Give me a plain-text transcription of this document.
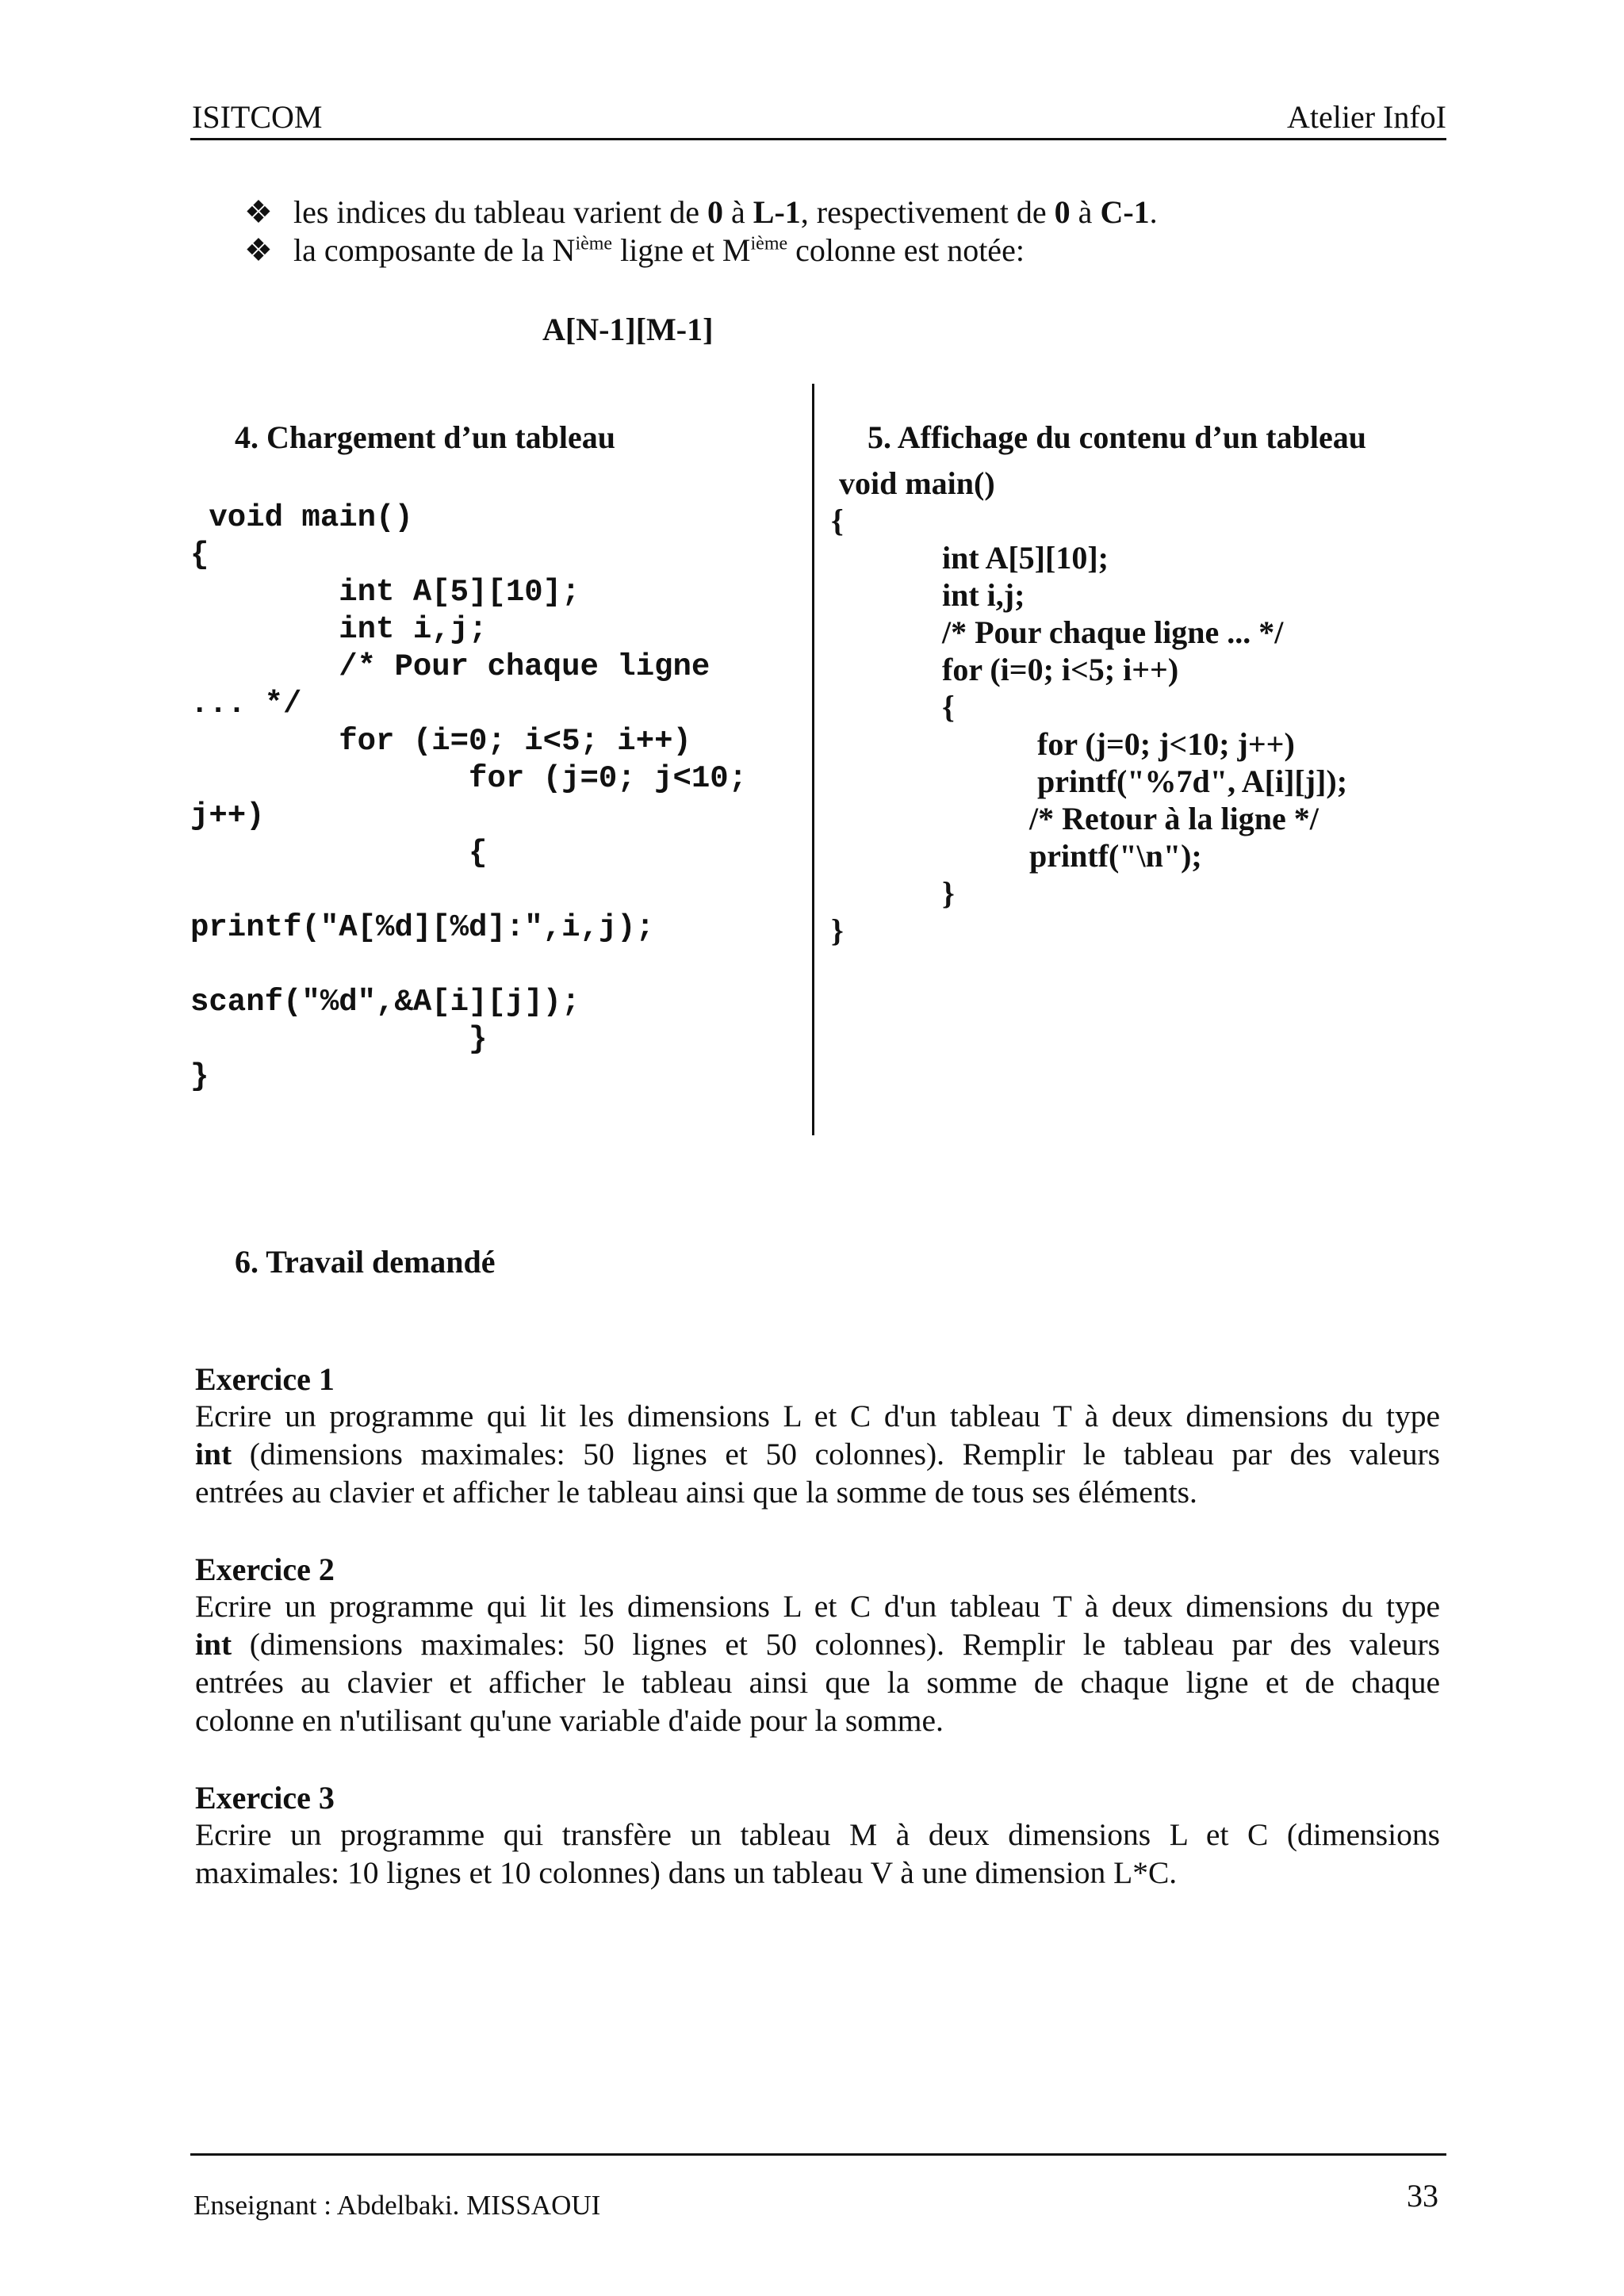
ISITCOM	Atelier InfoI
❖ les indices du tableau varient de 0 à L-1, respectivement de 0 à C-1.
❖ la composante de la $N^{ième}$ ligne et Mième colonne est notée:
A[N-1][M-1]
4. Chargement d’un tableau
void main()
{
int A[5][10];
int i,j;
/* Pour chaque ligne
... */
for (i=0; i<5; i++)
for (j=0; j<10;
j++)
{

printf("A[%d][%d]:",i,j);

scanf("%d",&A[i][j]);
}
}
5. Affichage du contenu d’un tableau
void main()
{
int A[5][10];
int i,j;
/* Pour chaque ligne ... */
for (i=0; i<5; i++)
{
for (j=0; j<10; j++)
printf("%7d", A[i][j]);
/* Retour à la ligne */
printf("\n");
}
}
6. Travail demandé
Exercice 1
Ecrire un programme qui lit les dimensions L et C d'un tableau T à deux dimensions du type
int (dimensions maximales: 50 lignes et 50 colonnes). Remplir le tableau par des valeurs
entrées au clavier et afficher le tableau ainsi que la somme de tous ses éléments.
Exercice 2
Ecrire un programme qui lit les dimensions L et C d'un tableau T à deux dimensions du type
int (dimensions maximales: 50 lignes et 50 colonnes). Remplir le tableau par des valeurs
entrées au clavier et afficher le tableau ainsi que la somme de chaque ligne et de chaque
colonne en n'utilisant qu'une variable d'aide pour la somme.
Exercice 3
Ecrire un programme qui transfère un tableau M à deux dimensions L et C (dimensions
maximales: 10 lignes et 10 colonnes) dans un tableau V à une dimension L*C.
Enseignant : Abdelbaki. MISSAOUI	33
